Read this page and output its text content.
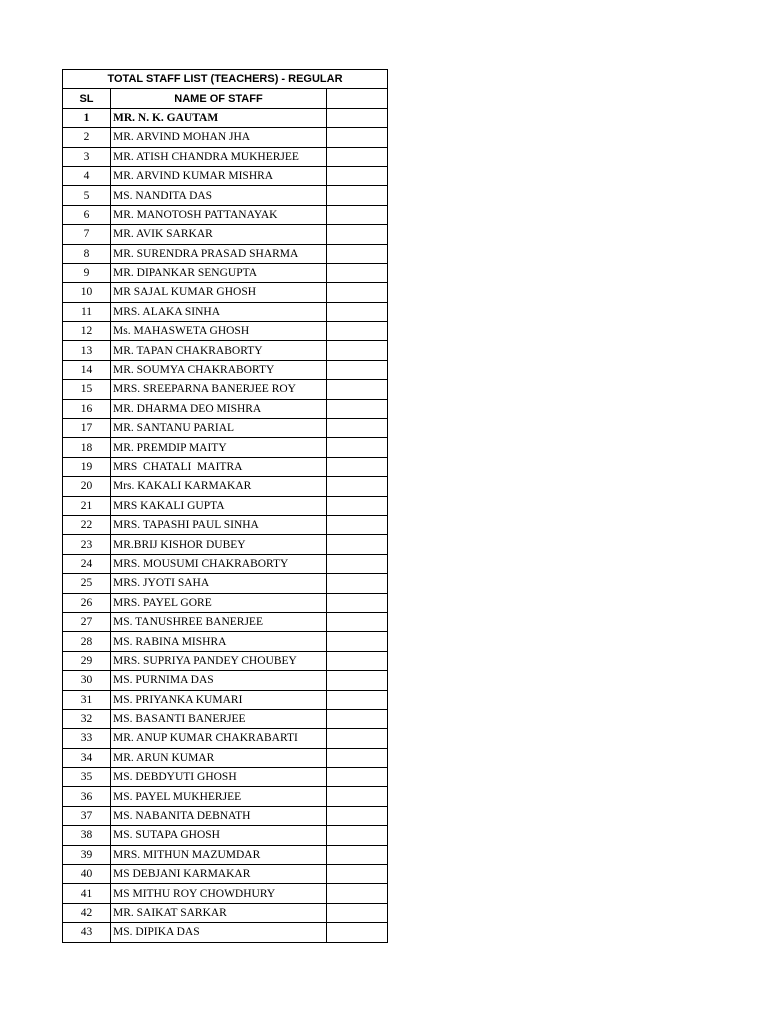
TOTAL STAFF LIST (TEACHERS) - REGULAR		
SL	NAME OF STAFF	
1	MR. N. K. GAUTAM	
2	MR. ARVIND MOHAN JHA	
3	MR. ATISH CHANDRA MUKHERJEE	
4	MR. ARVIND KUMAR MISHRA	
5	MS. NANDITA DAS	
6	MR. MANOTOSH PATTANAYAK	
7	MR. AVIK SARKAR	
8	MR. SURENDRA PRASAD SHARMA	
9	MR. DIPANKAR SENGUPTA	
10	MR SAJAL KUMAR GHOSH	
11	MRS. ALAKA SINHA	
12	Ms. MAHASWETA GHOSH	
13	MR. TAPAN CHAKRABORTY	
14	MR. SOUMYA CHAKRABORTY	
15	MRS. SREEPARNA BANERJEE ROY	
16	MR. DHARMA DEO MISHRA	
17	MR. SANTANU PARIAL	
18	MR. PREMDIP MAITY	
19	MRS  CHATALI  MAITRA	
20	Mrs. KAKALI KARMAKAR	
21	MRS KAKALI GUPTA	
22	MRS. TAPASHI PAUL SINHA	
23	MR.BRIJ KISHOR DUBEY	
24	MRS. MOUSUMI CHAKRABORTY	
25	MRS. JYOTI SAHA	
26	MRS. PAYEL GORE	
27	MS. TANUSHREE BANERJEE	
28	MS. RABINA MISHRA	
29	MRS. SUPRIYA PANDEY CHOUBEY	
30	MS. PURNIMA DAS	
31	MS. PRIYANKA KUMARI	
32	MS. BASANTI BANERJEE	
33	MR. ANUP KUMAR CHAKRABARTI	
34	MR. ARUN KUMAR	
35	MS. DEBDYUTI GHOSH	
36	MS. PAYEL MUKHERJEE	
37	MS. NABANITA DEBNATH	
38	MS. SUTAPA GHOSH	
39	MRS. MITHUN MAZUMDAR	
40	MS DEBJANI KARMAKAR	
41	MS MITHU ROY CHOWDHURY	
42	MR. SAIKAT SARKAR	
43	MS. DIPIKA DAS	
